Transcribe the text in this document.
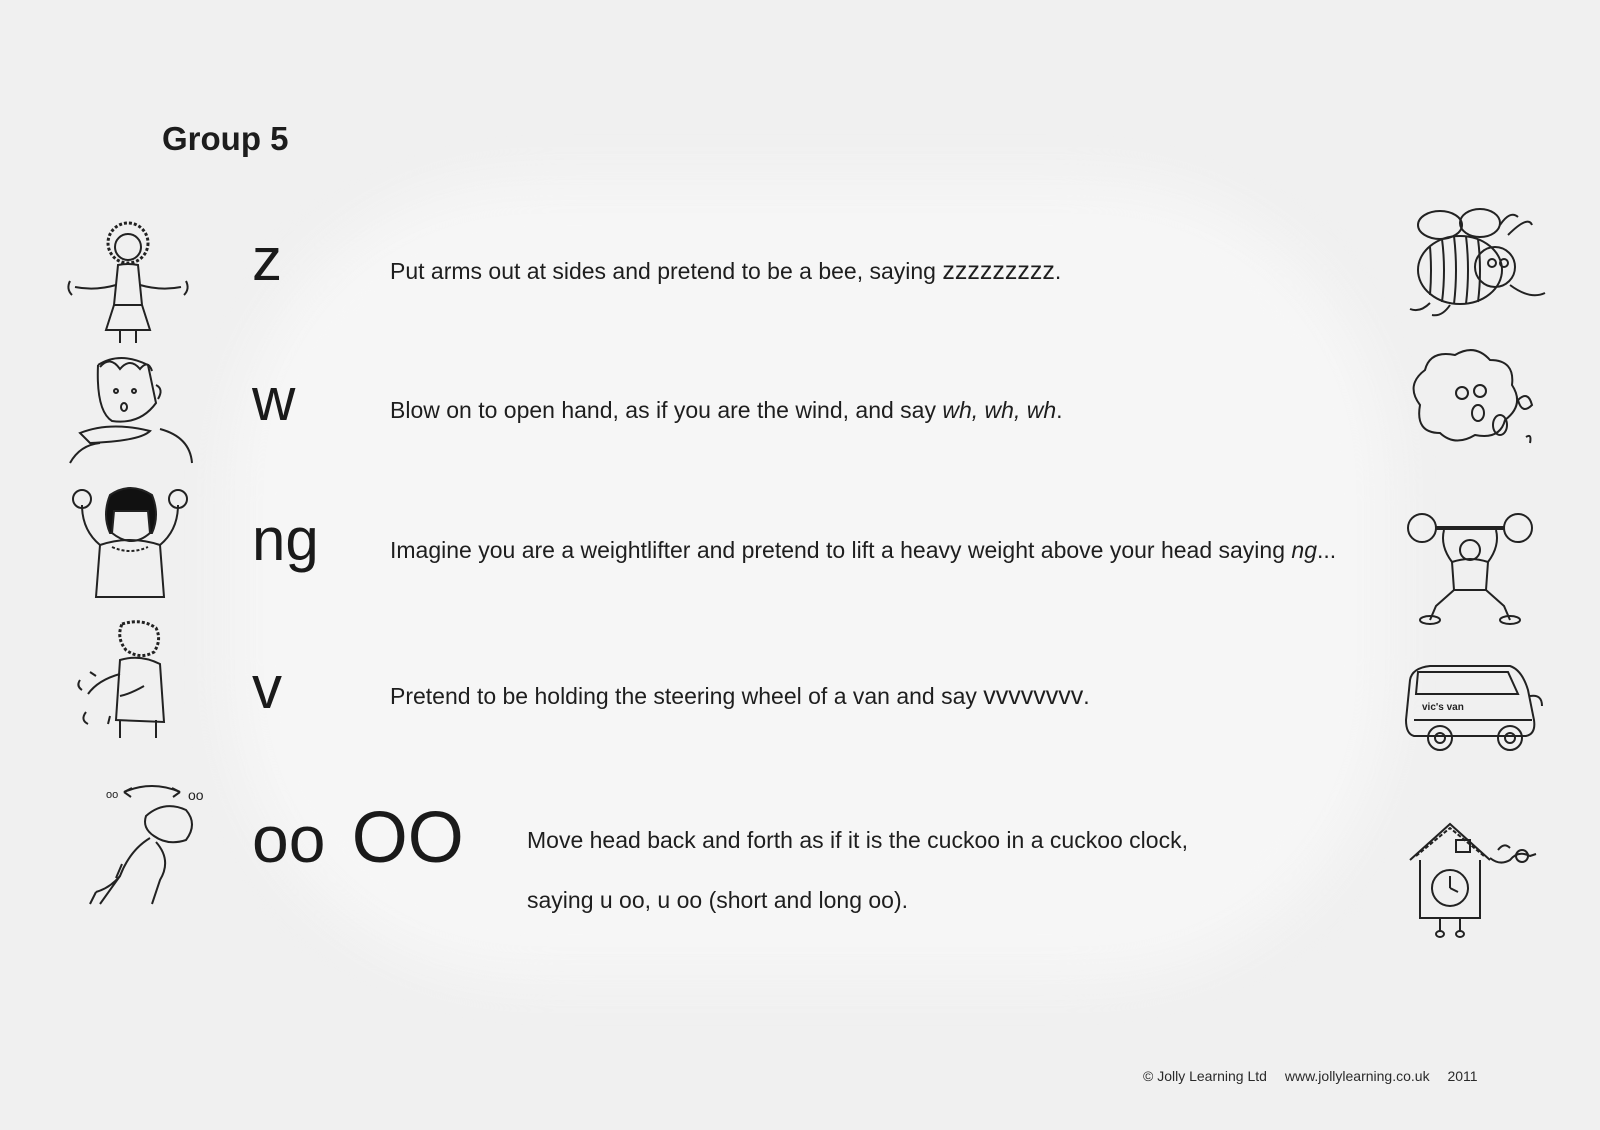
Group 5
z	Put arms out at sides and pretend to be a bee, saying zzzzzzzzz.
w	Blow on to open hand, as if you are the wind, and say wh, wh, wh.
ng	Imagine you are a weightlifter and pretend to lift a heavy weight above your head saying ng...
v	Pretend to be holding the steering wheel of a van and say vvvvvvvv.	vic's van
oo	oo
oo OO	Move head back and forth as if it is the cuckoo in a cuckoo clock,
saying u oo, u oo (short and long oo).
© Jolly Learning Ltd www.jollylearning.co.uk 2011
